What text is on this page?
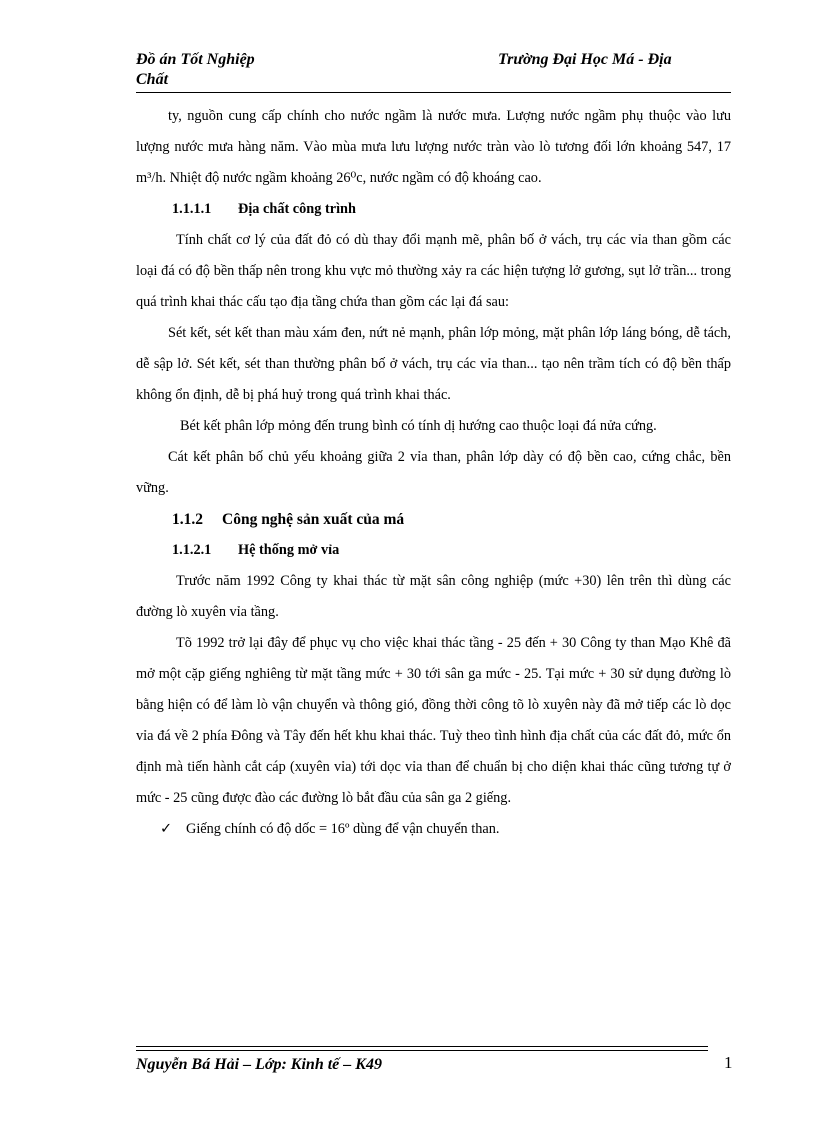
Đồ án Tốt Nghiệp
Chất
Trường Đại Học Má - Địa

ty, nguồn cung cấp chính cho nước ngầm là nước mưa. Lượng nước ngầm phụ thuộc vào lưu lượng nước mưa hàng năm. Vào mùa mưa lưu lượng nước tràn vào lò tương đối lớn khoảng 547, 17 m³/h. Nhiệt độ nước ngầm khoảng 26⁰c, nước ngầm có độ khoáng cao.

1.1.1.1 Địa chất công trình

Tính chất cơ lý của đất đỏ có dù thay đổi mạnh mẽ, phân bố ở vách, trụ các vỉa than gồm các loại đá có độ bền thấp nên trong khu vực mỏ thường xảy ra các hiện tượng lở gương, sụt lở trần... trong quá trình khai thác cấu tạo địa tầng chứa than gồm các lại đá sau:

Sét kết, sét kết than màu xám đen, nứt nẻ mạnh, phân lớp mỏng, mặt phân lớp láng bóng, dễ tách, dễ sập lở. Sét kết, sét than thường phân bố ở vách, trụ các vỉa than... tạo nên trầm tích có độ bền thấp không ổn định, dễ bị phá huỷ trong quá trình khai thác.

Bét kết phân lớp mỏng đến trung bình có tính dị hướng cao thuộc loại đá nửa cứng.

Cát kết phân bố chủ yếu khoảng giữa 2 vỉa than, phân lớp dày có độ bền cao, cứng chắc, bền vững.

1.1.2 Công nghệ sản xuất của má

1.1.2.1 Hệ thống mở vỉa

Trước năm 1992 Công ty khai thác từ mặt sân công nghiệp (mức +30) lên trên thì dùng các đường lò xuyên vỉa tầng.

Tõ 1992 trở lại đây để phục vụ cho việc khai thác tầng - 25 đến + 30 Công ty than Mạo Khê đã mở một cặp giếng nghiêng từ mặt tầng mức + 30 tới sân ga mức - 25. Tại mức + 30 sử dụng đường lò bằng hiện có để làm lò vận chuyển và thông gió, đồng thời công tõ lò xuyên này đã mở tiếp các lò dọc vỉa đá về 2 phía Đông và Tây đến hết khu khai thác. Tuỳ theo tình hình địa chất của các đất đỏ, mức ổn định mà tiến hành cắt cáp (xuyên vỉa) tới dọc vỉa than để chuẩn bị cho diện khai thác cũng tương tự ở mức - 25 cũng được đào các đường lò bắt đầu của sân ga 2 giếng.

✓ Giếng chính có độ dốc = 16º dùng để vận chuyển than.

Nguyễn Bá Hải – Lớp: Kinh tế – K49	1
